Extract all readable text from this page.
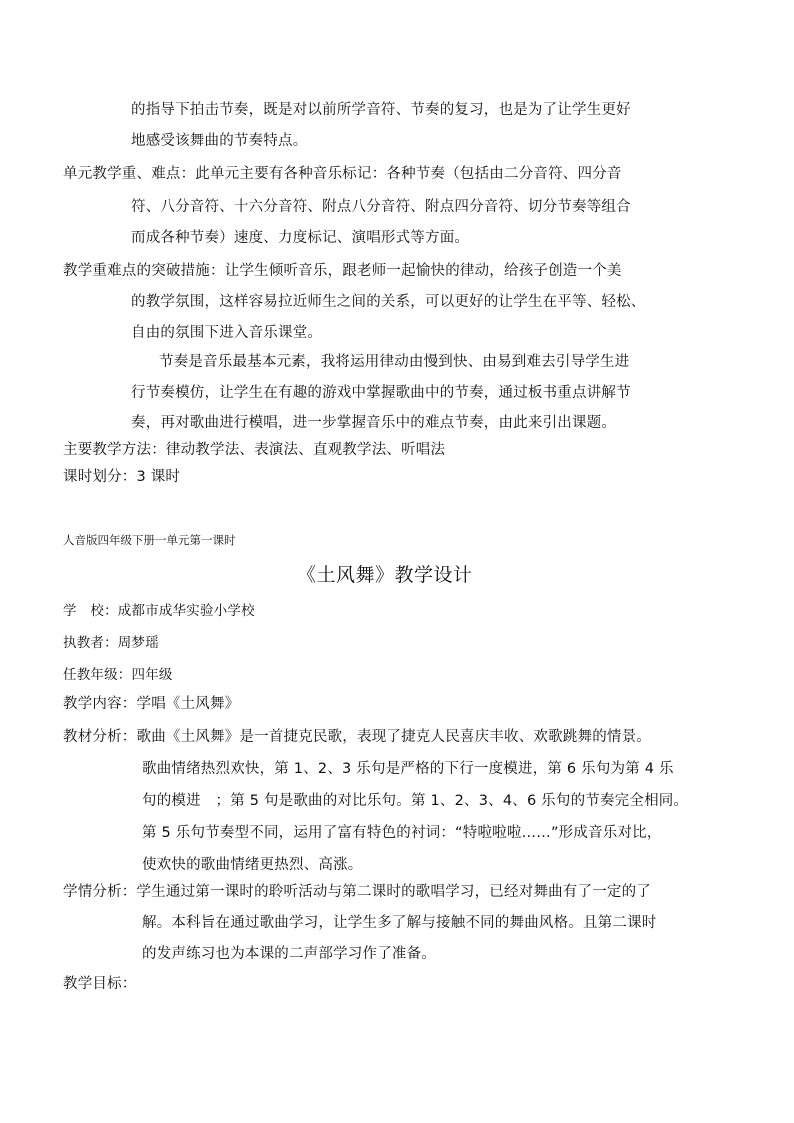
的指导下拍击节奏，既是对以前所学音符、节奏的复习，也是为了让学生更好
地感受该舞曲的节奏特点。
单元教学重、难点：此单元主要有各种音乐标记：各种节奏（包括由二分音符、四分音
符、八分音符、十六分音符、附点八分音符、附点四分音符、切分节奏等组合
而成各种节奏）速度、力度标记、演唱形式等方面。
教学重难点的突破措施：让学生倾听音乐，跟老师一起愉快的律动，给孩子创造一个美
的教学氛围，这样容易拉近师生之间的关系，可以更好的让学生在平等、轻松、
自由的氛围下进入音乐课堂。
节奏是音乐最基本元素，我将运用律动由慢到快、由易到难去引导学生进
行节奏模仿，让学生在有趣的游戏中掌握歌曲中的节奏，通过板书重点讲解节
奏，再对歌曲进行模唱，进一步掌握音乐中的难点节奏，由此来引出课题。
主要教学方法：律动教学法、表演法、直观教学法、听唱法
课时划分：3 课时
人音版四年级下册一单元第一课时
《土风舞》教学设计
学　校：成都市成华实验小学校
执教者：周梦瑶
任教年级：四年级
教学内容：学唱《土风舞》
教材分析：歌曲《土风舞》是一首捷克民歌，表现了捷克人民喜庆丰收、欢歌跳舞的情景。
歌曲情绪热烈欢快，第 1、2、3 乐句是严格的下行一度模进，第 6 乐句为第 4 乐
句的模进　；第 5 句是歌曲的对比乐句。第 1、2、3、4、6 乐句的节奏完全相同。
第 5 乐句节奏型不同，运用了富有特色的衬词：“特啦啦啦……”形成音乐对比，
使欢快的歌曲情绪更热烈、高涨。
学情分析：学生通过第一课时的聆听活动与第二课时的歌唱学习，已经对舞曲有了一定的了
解。本科旨在通过歌曲学习，让学生多了解与接触不同的舞曲风格。且第二课时
的发声练习也为本课的二声部学习作了准备。
教学目标：
